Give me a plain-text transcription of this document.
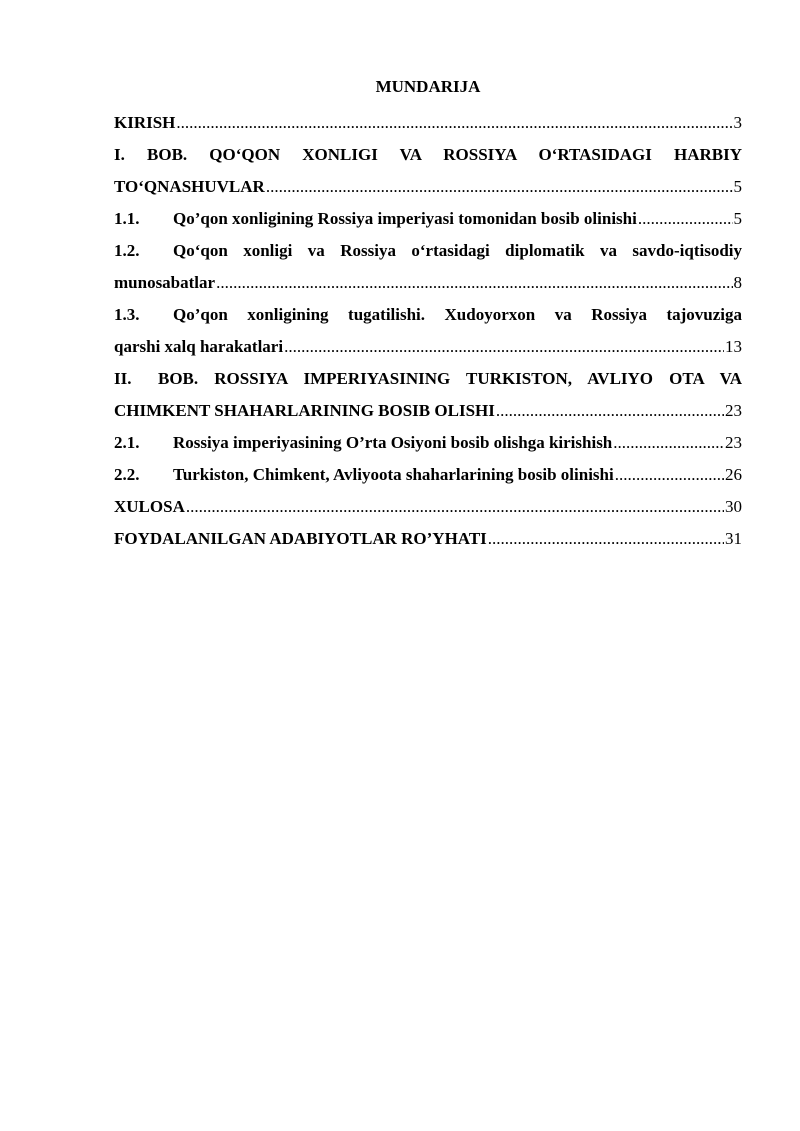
MUNDARIJA
KIRISH .....	3
I. BOB. QO‘QON XONLIGI VA ROSSIYA O‘RTASIDAGI HARBIY
TO‘QNASHUVLAR .....	5
1.1.	Qo’qon xonligining Rossiya imperiyasi tomonidan bosib olinishi .....	5
1.2. Qo‘qon xonligi va Rossiya o‘rtasidagi diplomatik va savdo-iqtisodiy
munosabatlar .....	8
1.3. Qo’qon xonligining tugatilishi. Xudoyorxon va Rossiya tajovuziga
qarshi xalq harakatlari .....	13
II. BOB. ROSSIYA IMPERIYASINING TURKISTON, AVLIYO OTA VA
CHIMKENT SHAHARLARINING BOSIB OLISHI .....	23
2.1.	Rossiya imperiyasining O’rta Osiyoni bosib olishga kirishish .....	23
2.2.	Turkiston, Chimkent, Avliyoota shaharlarining bosib olinishi .....	26
XULOSA .....	30
FOYDALANILGAN ADABIYOTLAR RO’YHATI .....	31
